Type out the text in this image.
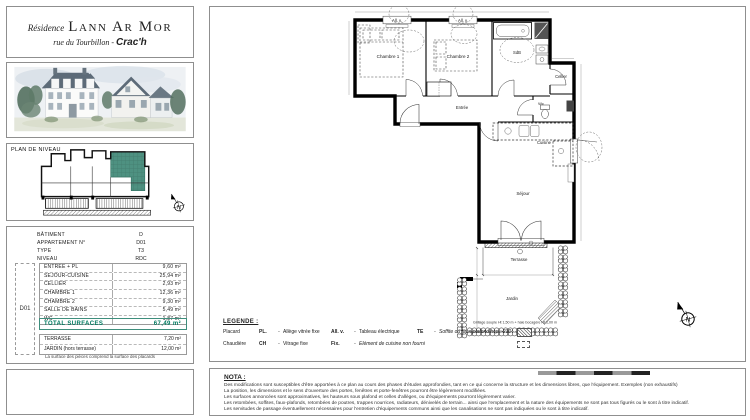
Résidence Lann Ar Mor
rue du Tourbillon - Crac'h
PLAN DE NIVEAU
N
BÂTIMENT	D
APPARTEMENT N°	D01
TYPE	T3
NIVEAU	RDC
D01
ENTREE + PL	9,60 m²
SEJOUR-CUISINE	25,94 m²
CELLIER	2,93 m²
CHAMBRE 1	12,36 m²
CHAMBRE 2	9,30 m²
SALLE DE BAINS	5,49 m²
WC	1,87 m²
TOTAL SURFACES	67,49 m²
TERRASSE	7,20 m²
JARDIN (hors terrasse)	12,00 m²
La surface des pièces comprend la surface des placards
All. v.	All. v.
Grillage souple Ht 1,50 m + haie bocagère Ht 1,00 m
Chambre 1	Chambre 2
SdB
Cellier
Entrée
Wc
Cuisine
Séjour
Terrasse
Jardin
N
LEGENDE :
Placard	PL.	- Allège vitrée fixe	All. v.	- Tableau électrique	TE	- Soffite ou faux-plafond hsp ~230
Chaudière	CH	- Vitrage fixe	Fix.	- Elément de cuisine non fourni
NOTA :
Des modifications sont susceptibles d'être apportées à ce plan au cours des phases d'études approfondies, tant en ce qui concerne la structure et les dimensions libres, que l'équipement. Exemples (non exhaustifs)
La position, les dimensions et le sens d'ouverture des portes, fenêtres et porte-fenêtres pourront être légèrement modifiées.
Les surfaces annoncées sont approximatives, les hauteurs sous plafond et celles d'allèges, ou d'équipements pourront légèrement varier.
Les retombées, soffites, faux-plafonds, retombées de poutres, trappes nourrices, radiateurs, dénivelés de terrain... ainsi que l'emplacement et la nature des équipements ne sont pas tous figurés ou le sont à titre indicatif.
Les servitudes de passage éventuellement nécessaires pour l'entretien d'équipements communs ainsi que les canalisations ne sont pas indiquées ou le sont à titre indicatif.
